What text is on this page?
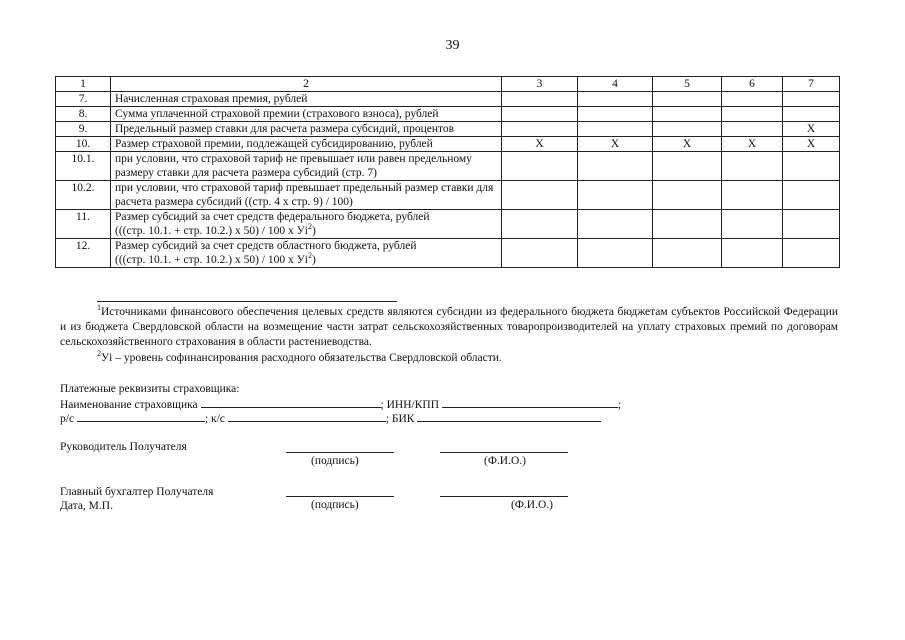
39
1	2	3	4	5	6	7
7.	Начисленная страховая премия, рублей					
8.	Сумма уплаченной страховой премии (страхового взноса), рублей					
9.	Предельный размер ставки для расчета размера субсидий, процентов					Х
10.	Размер страховой премии, подлежащей субсидированию, рублей	Х	Х	Х	Х	Х
10.1.	при условии, что страховой тариф не превышает или равен предельному размеру ставки для расчета размера субсидий (стр. 7)					
10.2.	при условии, что страховой тариф превышает предельный размер ставки для расчета размера субсидий ((стр. 4 х стр. 9) / 100)					
11.	Размер субсидий за счет средств федерального бюджета, рублей
(((стр. 10.1. + стр. 10.2.) х 50) / 100 х $Уi^2$)					
12.	Размер субсидий за счет средств областного бюджета, рублей
(((стр. 10.1. + стр. 10.2.) х 50) / 100 х $Уi^2$)					
$^1$Источниками финансового обеспечения целевых средств являются субсидии из федерального бюджета бюджетам субъектов Российской Федерации и из бюджета Свердловской области на возмещение части затрат сельскохозяйственных товаропроизводителей на уплату страховых премий по договорам сельскохозяйственного страхования в области растениеводства.
$^2$Уi – уровень софинансирования расходного обязательства Свердловской области.
Платежные реквизиты страховщика:
Наименование страховщика	; ИНН/КПП	;
р/с	; к/с	; БИК
Руководитель Получателя
(подпись)	(Ф.И.О.)
Главный бухгалтер Получателя
Дата, М.П.	(подпись)	(Ф.И.О.)
